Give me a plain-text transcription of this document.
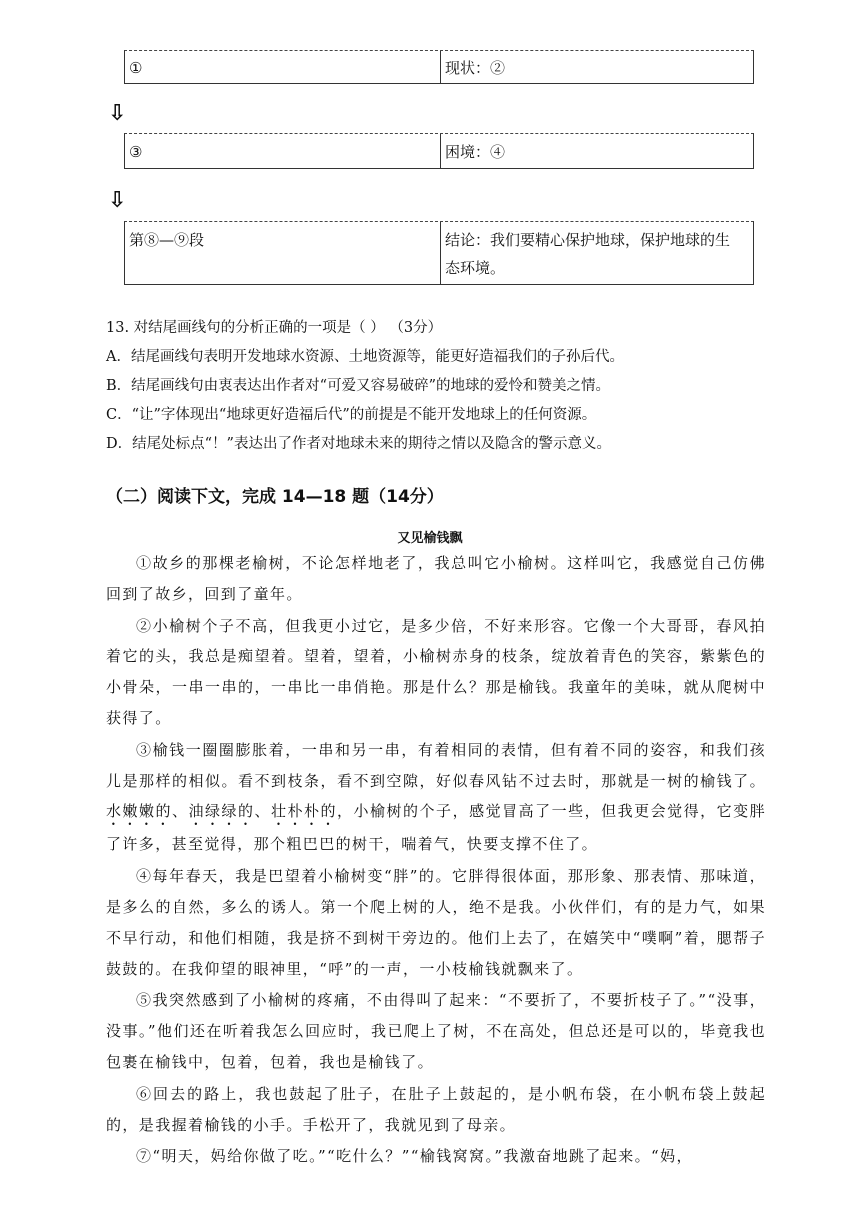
①	现状：②
⇩
③	困境：④
⇩
第⑧—⑨段	结论：我们要精心保护地球，保护地球的生
态环境。

13. 对结尾画线句的分析正确的一项是（ ） （3分）

A．结尾画线句表明开发地球水资源、土地资源等，能更好造福我们的子孙后代。

B．结尾画线句由衷表达出作者对“可爱又容易破碎”的地球的爱怜和赞美之情。

C．“让”字体现出“地球更好造福后代”的前提是不能开发地球上的任何资源。

D．结尾处标点“！”表达出了作者对地球未来的期待之情以及隐含的警示意义。

（二）阅读下文，完成 14—18 题（14分）
又见榆钱飘

①故乡的那棵老榆树，不论怎样地老了，我总叫它小榆树。这样叫它，我感觉自己仿佛回到了故乡，回到了童年。

②小榆树个子不高，但我更小过它，是多少倍，不好来形容。它像一个大哥哥，春风拍着它的头，我总是痴望着。望着，望着，小榆树赤身的枝条，绽放着青色的笑容，紫紫色的小骨朵，一串一串的，一串比一串俏艳。那是什么？那是榆钱。我童年的美味，就从爬树中获得了。

③榆钱一圈圈膨胀着，一串和另一串，有着相同的表情，但有着不同的姿容，和我们孩儿是那样的相似。看不到枝条，看不到空隙，好似春风钻不过去时，那就是一树的榆钱了。水嫩嫩的、油绿绿的、壮朴朴的，小榆树的个子，感觉冒高了一些，但我更会觉得，它变胖了许多，甚至觉得，那个粗巴巴的树干，喘着气，快要支撑不住了。

④每年春天，我是巴望着小榆树变“胖”的。它胖得很体面，那形象、那表情、那味道，是多么的自然，多么的诱人。第一个爬上树的人，绝不是我。小伙伴们，有的是力气，如果不早行动，和他们相随，我是挤不到树干旁边的。他们上去了，在嬉笑中“噗啊”着，腮帮子鼓鼓的。在我仰望的眼神里，“呼”的一声，一小枝榆钱就飘来了。

⑤我突然感到了小榆树的疼痛，不由得叫了起来：“不要折了，不要折枝子了。”“没事，没事。”他们还在听着我怎么回应时，我已爬上了树，不在高处，但总还是可以的，毕竟我也包裹在榆钱中，包着，包着，我也是榆钱了。

⑥回去的路上，我也鼓起了肚子，在肚子上鼓起的，是小帆布袋，在小帆布袋上鼓起的，是我握着榆钱的小手。手松开了，我就见到了母亲。

⑦“明天，妈给你做了吃。”“吃什么？”“榆钱窝窝。”我激奋地跳了起来。“妈，
